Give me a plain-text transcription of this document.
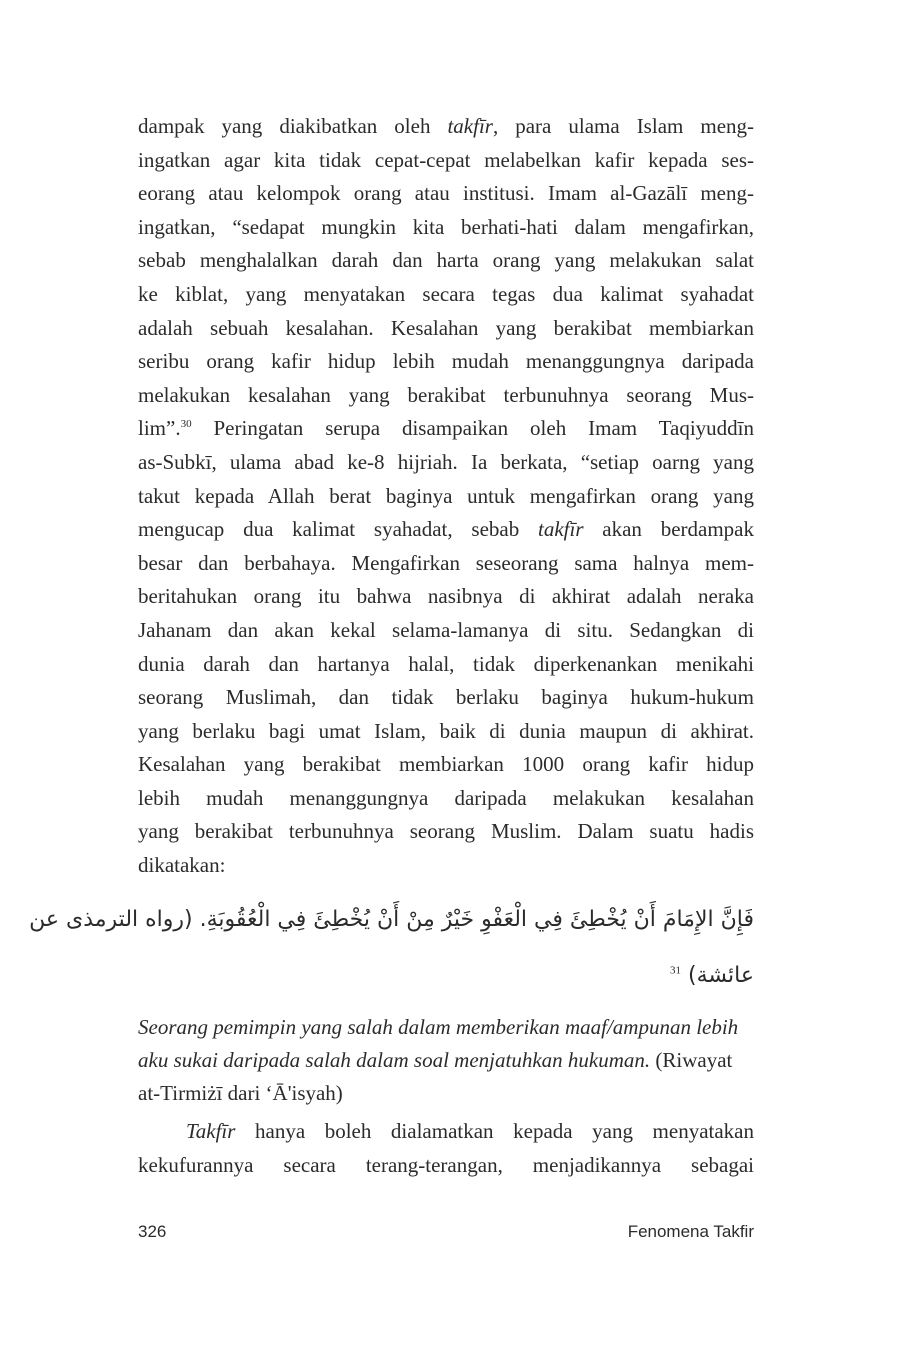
dampak yang diakibatkan oleh takfīr, para ulama Islam meng-
ingatkan agar kita tidak cepat-cepat melabelkan kafir kepada ses-
eorang atau kelompok orang atau institusi. Imam al-Gazālī meng-
ingatkan, “sedapat mungkin kita berhati-hati dalam mengafirkan,
sebab menghalalkan darah dan harta orang yang melakukan salat
ke kiblat, yang menyatakan secara tegas dua kalimat syahadat
adalah sebuah kesalahan. Kesalahan yang berakibat membiarkan
seribu orang kafir hidup lebih mudah menanggungnya daripada
melakukan kesalahan yang berakibat terbunuhnya seorang Mus-
lim”.$^{30}$ Peringatan serupa disampaikan oleh Imam Taqiyuddīn
as-Subkī, ulama abad ke-8 hijriah. Ia berkata, “setiap oarng yang
takut kepada Allah berat baginya untuk mengafirkan orang yang
mengucap dua kalimat syahadat, sebab takfīr akan berdampak
besar dan berbahaya. Mengafirkan seseorang sama halnya mem-
beritahukan orang itu bahwa nasibnya di akhirat adalah neraka
Jahanam dan akan kekal selama-lamanya di situ. Sedangkan di
dunia darah dan hartanya halal, tidak diperkenankan menikahi
seorang Muslimah, dan tidak berlaku baginya hukum-hukum
yang berlaku bagi umat Islam, baik di dunia maupun di akhirat.
Kesalahan yang berakibat membiarkan 1000 orang kafir hidup
lebih mudah menanggungnya daripada melakukan kesalahan
yang berakibat terbunuhnya seorang Muslim. Dalam suatu hadis
dikatakan:
فَإِنَّ الإِمَامَ أَنْ يُخْطِئَ فِي الْعَفْوِ خَيْرٌ مِنْ أَنْ يُخْطِئَ فِي الْعُقُوبَةِ. (رواه الترمذى عن
عائشة) $^{31}$
Seorang pemimpin yang salah dalam memberikan maaf/ampunan lebih aku sukai daripada salah dalam soal menjatuhkan hukuman. (Riwayat at-Tirmiżī dari ‘Ā'isyah)
Takfīr hanya boleh dialamatkan kepada yang menyatakan
kekufurannya secara terang-terangan, menjadikannya sebagai
326	Fenomena Takfir
